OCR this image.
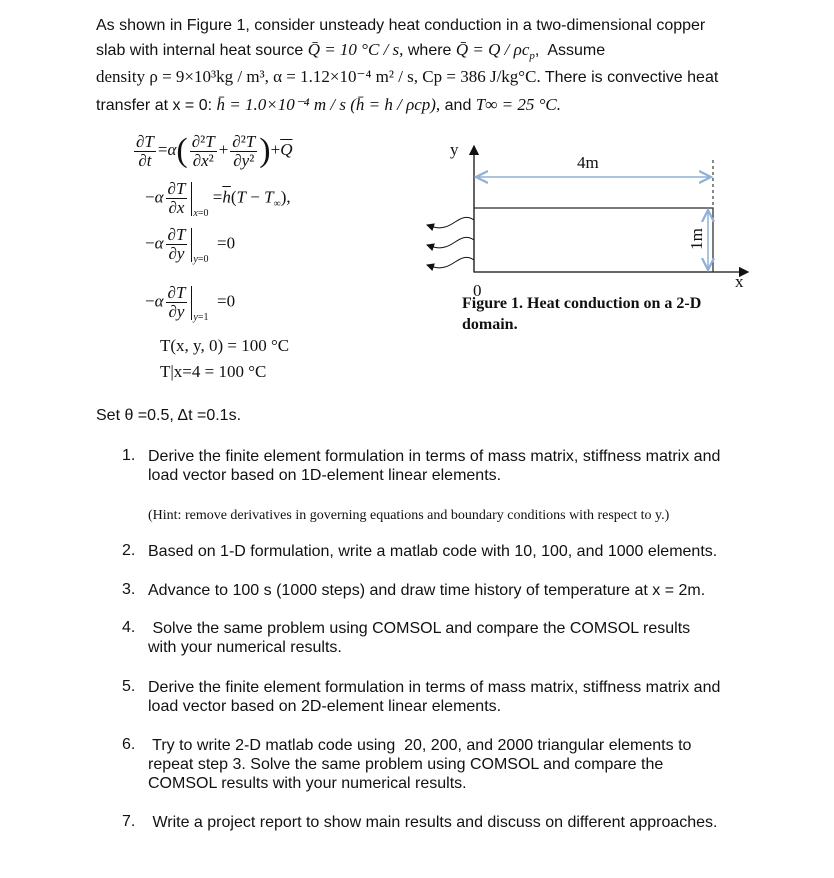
As shown in Figure 1, consider unsteady heat conduction in a two-dimensional copper
slab with internal heat source Q̄ = 10 °C / s, where Q̄ = Q / $\rho c_p$,  Assume
density ρ = 9×10³kg / m³, α = 1.12×10⁻⁴ m² / s, Cp = 386 J/kg°C. There is convective heat
transfer at x = 0: h̄ = 1.0×10⁻⁴ m / s (h̄ = h / ρcp), and T∞ = 25 °C.
$\frac{\partial T}{\partial t} =\alpha( \frac{\text{∂²T}}{\text{∂x²}} + \frac{\text{∂²T}}{\text{∂y²}} )+\overline{Q}$
$-\alpha \frac{\partial T}{\partial x} _{x=0} =\overline{h}(T - T_\infty)$,
$-\alpha \frac{\partial T}{\partial y} _{y=0} =0$
$-\alpha \frac{\partial T}{\partial y} _{y=1} =0$
T(x, y, 0) = 100 °C
T|x=4 = 100 °C
y
x
0
4m
1m
Figure 1. Heat conduction on a 2-D
domain.
Set θ =0.5, Δt =0.1s.
1. Derive the finite element formulation in terms of mass matrix, stiffness matrix and
load vector based on 1D-element linear elements.
(Hint: remove derivatives in governing equations and boundary conditions with respect to y.)
2. Based on 1-D formulation, write a matlab code with 10, 100, and 1000 elements.
3. Advance to 100 s (1000 steps) and draw time history of temperature at x = 2m.
4. Solve the same problem using COMSOL and compare the COMSOL results
with your numerical results.
5. Derive the finite element formulation in terms of mass matrix, stiffness matrix and
load vector based on 2D-element linear elements.
6. Try to write 2-D matlab code using  20, 200, and 2000 triangular elements to
repeat step 3. Solve the same problem using COMSOL and compare the
COMSOL results with your numerical results.
7. Write a project report to show main results and discuss on different approaches.
